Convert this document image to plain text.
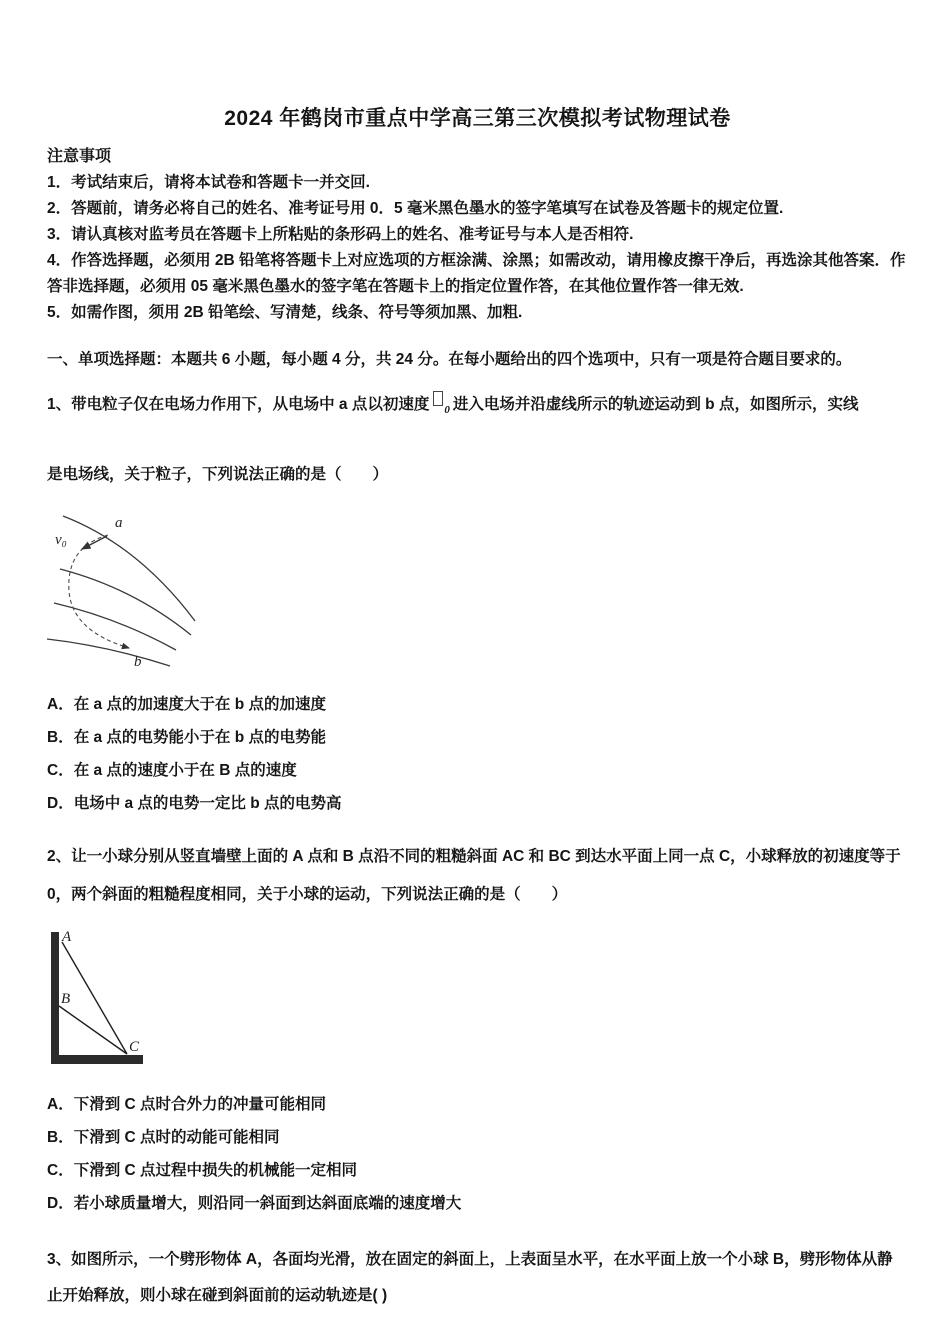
2024 年鹤岗市重点中学高三第三次模拟考试物理试卷
注意事项
1．考试结束后，请将本试卷和答题卡一并交回.
2．答题前，请务必将自己的姓名、准考证号用 0．5 毫米黑色墨水的签字笔填写在试卷及答题卡的规定位置.
3．请认真核对监考员在答题卡上所粘贴的条形码上的姓名、准考证号与本人是否相符.
4．作答选择题，必须用 2B 铅笔将答题卡上对应选项的方框涂满、涂黑；如需改动，请用橡皮擦干净后，再选涂其他答案．作答非选择题，必须用 05 毫米黑色墨水的签字笔在答题卡上的指定位置作答，在其他位置作答一律无效.
5．如需作图，须用 2B 铅笔绘、写清楚，线条、符号等须加黑、加粗.
一、单项选择题：本题共 6 小题，每小题 4 分，共 24 分。在每小题给出的四个选项中，只有一项是符合题目要求的。
1、带电粒子仅在电场力作用下，从电场中 a 点以初速度 $_0$ 进入电场并沿虚线所示的轨迹运动到 b 点，如图所示，实线
是电场线，关于粒子，下列说法正确的是（　　）
a
v₀
b
A．在 a 点的加速度大于在 b 点的加速度
B．在 a 点的电势能小于在 b 点的电势能
C．在 a 点的速度小于在 B 点的速度
D．电场中 a 点的电势一定比 b 点的电势高
2、让一小球分别从竖直墙壁上面的 A 点和 B 点沿不同的粗糙斜面 AC 和 BC 到达水平面上同一点 C，小球释放的初速度等于 0，两个斜面的粗糙程度相同，关于小球的运动，下列说法正确的是（　　）
A
B
C
A．下滑到 C 点时合外力的冲量可能相同
B．下滑到 C 点时的动能可能相同
C．下滑到 C 点过程中损失的机械能一定相同
D．若小球质量增大，则沿同一斜面到达斜面底端的速度增大
3、如图所示，一个劈形物体 A，各面均光滑，放在固定的斜面上，上表面呈水平，在水平面上放一个小球 B，劈形物体从静止开始释放，则小球在碰到斜面前的运动轨迹是( )
